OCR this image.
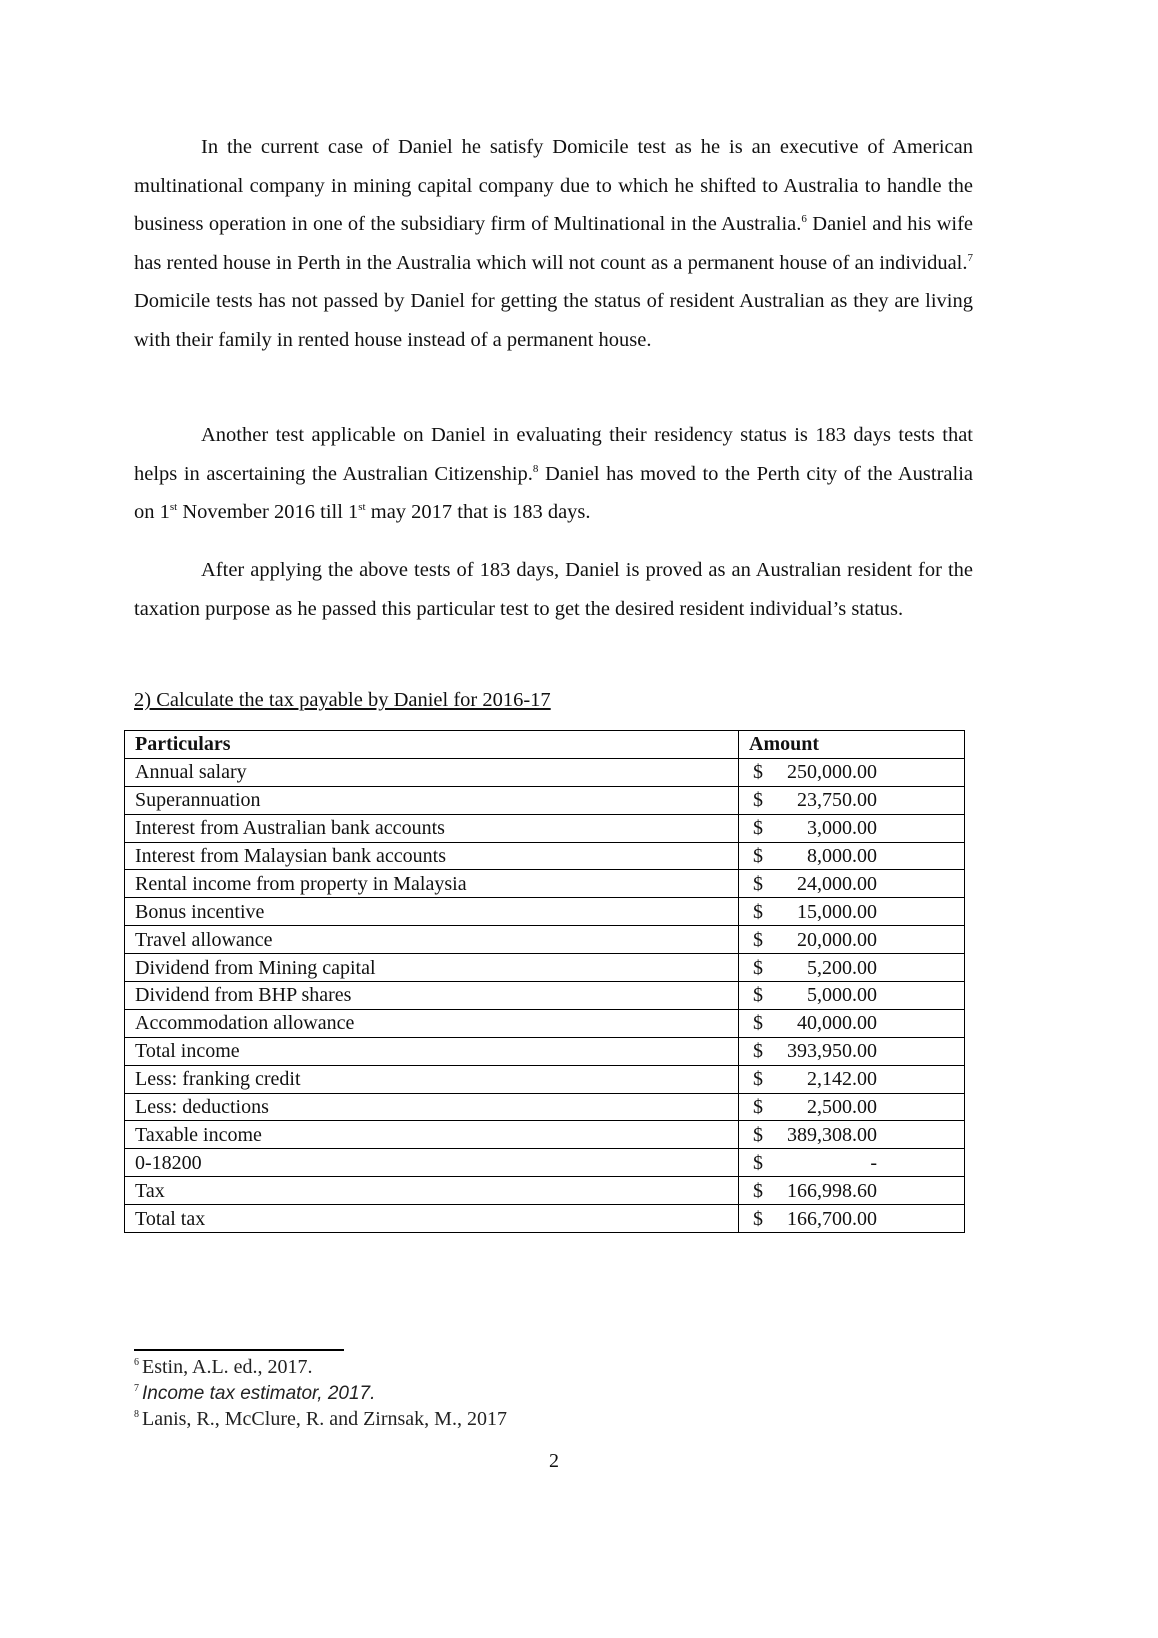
In the current case of Daniel he satisfy Domicile test as he is an executive of American multinational company in mining capital company due to which he shifted to Australia to handle the business operation in one of the subsidiary firm of Multinational in the Australia.$^6$ Daniel and his wife has rented house in Perth in the Australia which will not count as a permanent house of an individual.$^7$ Domicile tests has not passed by Daniel for getting the status of resident Australian as they are living with their family in rented house instead of a permanent house.

Another test applicable on Daniel in evaluating their residency status is 183 days tests that helps in ascertaining the Australian Citizenship.$^8$ Daniel has moved to the Perth city of the Australia on 1st November 2016 till 1st may 2017 that is 183 days.

After applying the above tests of 183 days, Daniel is proved as an Australian resident for the taxation purpose as he passed this particular test to get the desired resident individual’s status.

2) Calculate the tax payable by Daniel for 2016-17
Particulars	Amount
Annual salary	$ 250,000.00
Superannuation	$ 23,750.00
Interest from Australian bank accounts	$ 3,000.00
Interest from Malaysian bank accounts	$ 8,000.00
Rental income from property in Malaysia	$ 24,000.00
Bonus incentive	$ 15,000.00
Travel allowance	$ 20,000.00
Dividend from Mining capital	$ 5,200.00
Dividend from BHP shares	$ 5,000.00
Accommodation allowance	$ 40,000.00
Total income	$ 393,950.00
Less: franking credit	$ 2,142.00
Less: deductions	$ 2,500.00
Taxable income	$ 389,308.00
0-18200	$ -
Tax	$ 166,998.60
Total tax	$ 166,700.00
$^6$ Estin, A.L. ed., 2017.
$^7$ Income tax estimator, 2017.
$^8$ Lanis, R., McClure, R. and Zirnsak, M., 2017
2
